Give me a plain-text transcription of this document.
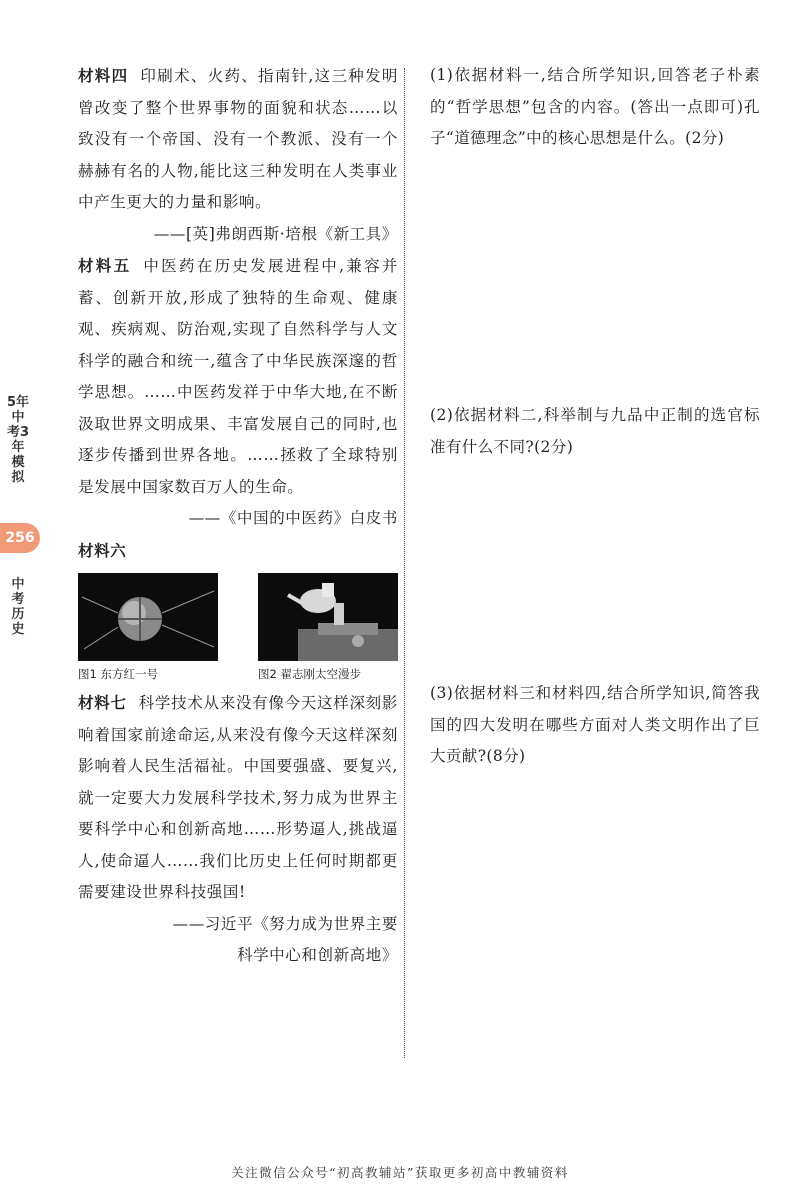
5年中考3年模拟
256
中考历史

材料四 印刷术、火药、指南针,这三种发明曾改变了整个世界事物的面貌和状态……以致没有一个帝国、没有一个教派、没有一个赫赫有名的人物,能比这三种发明在人类事业中产生更大的力量和影响。

——[英]弗朗西斯·培根《新工具》

材料五 中医药在历史发展进程中,兼容并蓄、创新开放,形成了独特的生命观、健康观、疾病观、防治观,实现了自然科学与人文科学的融合和统一,蕴含了中华民族深邃的哲学思想。……中医药发祥于中华大地,在不断汲取世界文明成果、丰富发展自己的同时,也逐步传播到世界各地。……拯救了全球特别是发展中国家数百万人的生命。

——《中国的中医药》白皮书

材料六

图1 东方红一号	图2 翟志刚太空漫步

材料七 科学技术从来没有像今天这样深刻影响着国家前途命运,从来没有像今天这样深刻影响着人民生活福祉。中国要强盛、要复兴,就一定要大力发展科学技术,努力成为世界主要科学中心和创新高地……形势逼人,挑战逼人,使命逼人……我们比历史上任何时期都更需要建设世界科技强国!

——习近平《努力成为世界主要

科学中心和创新高地》

(1)依据材料一,结合所学知识,回答老子朴素的“哲学思想”包含的内容。(答出一点即可)孔子“道德理念”中的核心思想是什么。(2分)
(2)依据材料二,科举制与九品中正制的选官标准有什么不同?(2分)
(3)依据材料三和材料四,结合所学知识,简答我国的四大发明在哪些方面对人类文明作出了巨大贡献?(8分)
关注微信公众号“初高教辅站”获取更多初高中教辅资料
